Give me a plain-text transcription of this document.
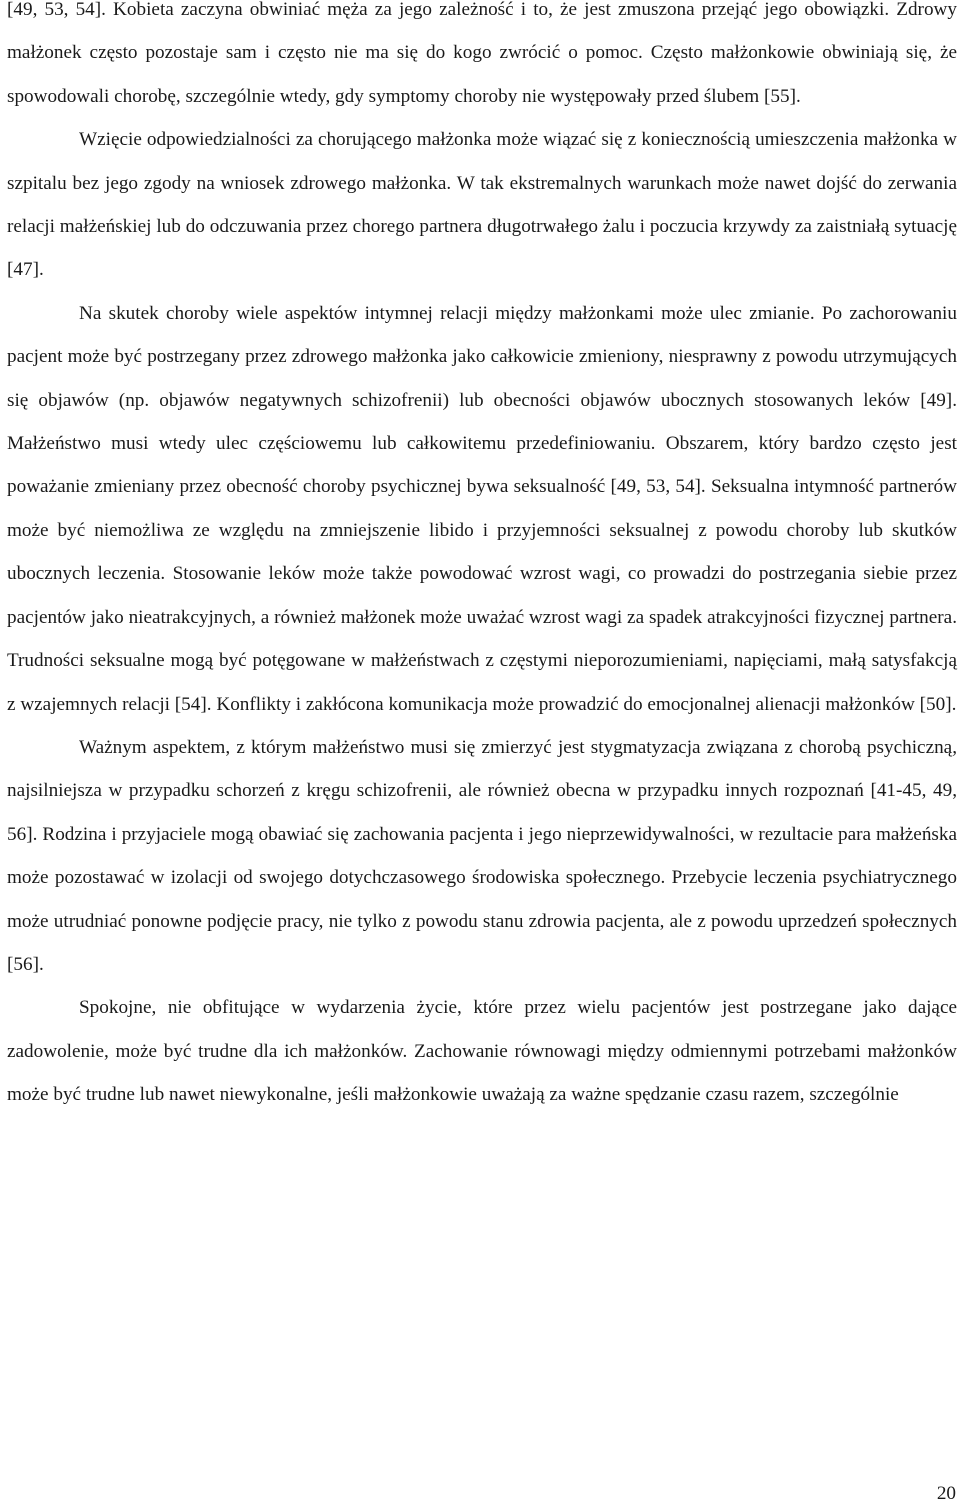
[49, 53, 54]. Kobieta zaczyna obwiniać męża za jego zależność i to, że jest zmuszona przejąć jego obowiązki. Zdrowy małżonek często pozostaje sam i często nie ma się do kogo zwrócić o pomoc. Często małżonkowie obwiniają się, że spowodowali chorobę, szczególnie wtedy, gdy symptomy choroby nie występowały przed ślubem [55].

Wzięcie odpowiedzialności za chorującego małżonka może wiązać się z koniecznością umieszczenia małżonka w szpitalu bez jego zgody na wniosek zdrowego małżonka. W tak ekstremalnych warunkach może nawet dojść do zerwania relacji małżeńskiej lub do odczuwania przez chorego partnera długotrwałego żalu i poczucia krzywdy za zaistniałą sytuację [47].

Na skutek choroby wiele aspektów intymnej relacji między małżonkami może ulec zmianie. Po zachorowaniu pacjent może być postrzegany przez zdrowego małżonka jako całkowicie zmieniony, niesprawny z powodu utrzymujących się objawów (np. objawów negatywnych schizofrenii) lub obecności objawów ubocznych stosowanych leków [49]. Małżeństwo musi wtedy ulec częściowemu lub całkowitemu przedefiniowaniu. Obszarem, który bardzo często jest poważanie zmieniany przez obecność choroby psychicznej bywa seksualność [49, 53, 54]. Seksualna intymność partnerów może być niemożliwa ze względu na zmniejszenie libido i przyjemności seksualnej z powodu choroby lub skutków ubocznych leczenia. Stosowanie leków może także powodować wzrost wagi, co prowadzi do postrzegania siebie przez pacjentów jako nieatrakcyjnych, a również małżonek może uważać wzrost wagi za spadek atrakcyjności fizycznej partnera. Trudności seksualne mogą być potęgowane w małżeństwach z częstymi nieporozumieniami, napięciami, małą satysfakcją z wzajemnych relacji [54]. Konflikty i zakłócona komunikacja może prowadzić do emocjonalnej alienacji małżonków [50].

Ważnym aspektem, z którym małżeństwo musi się zmierzyć jest stygmatyzacja związana z chorobą psychiczną, najsilniejsza w przypadku schorzeń z kręgu schizofrenii, ale również obecna w przypadku innych rozpoznań [41-45, 49, 56]. Rodzina i przyjaciele mogą obawiać się zachowania pacjenta i jego nieprzewidywalności, w rezultacie para małżeńska może pozostawać w izolacji od swojego dotychczasowego środowiska społecznego. Przebycie leczenia psychiatrycznego może utrudniać ponowne podjęcie pracy, nie tylko z powodu stanu zdrowia pacjenta, ale z powodu uprzedzeń społecznych [56].

Spokojne, nie obfitujące w wydarzenia życie, które przez wielu pacjentów jest postrzegane jako dające zadowolenie, może być trudne dla ich małżonków. Zachowanie równowagi między odmiennymi potrzebami małżonków może być trudne lub nawet niewykonalne, jeśli małżonkowie uważają za ważne spędzanie czasu razem, szczególnie

20
